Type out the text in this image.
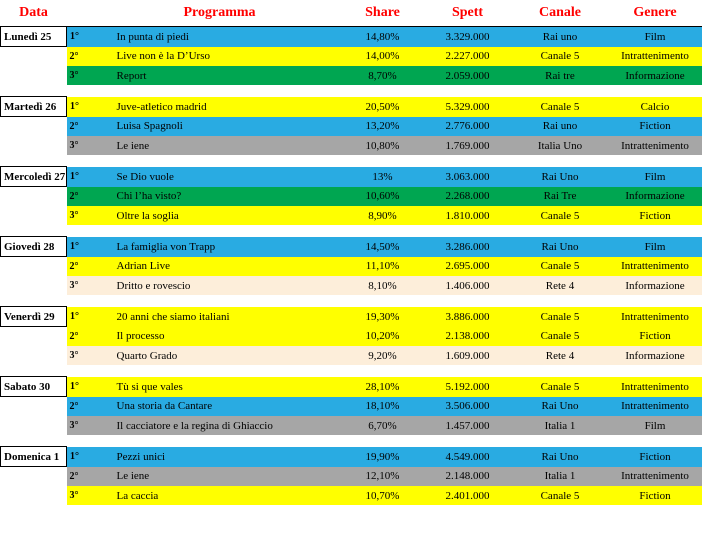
Data		Programma	Share	Spett	Canale	Genere
Lunedì 25	1°	In punta di piedi	14,80%	3.329.000	Rai uno	Film
	2°	Live non è la D’Urso	14,00%	2.227.000	Canale 5	Intrattenimento
	3°	Report	8,70%	2.059.000	Rai tre	Informazione

Martedì 26	1°	Juve-atletico madrid	20,50%	5.329.000	Canale 5	Calcio
	2°	Luisa Spagnoli	13,20%	2.776.000	Rai uno	Fiction
	3°	Le iene	10,80%	1.769.000	Italia Uno	Intrattenimento

Mercoledì 27	1°	Se Dio vuole	13%	3.063.000	Rai Uno	Film
	2°	Chi l’ha visto?	10,60%	2.268.000	Rai Tre	Informazione
	3°	Oltre la soglia	8,90%	1.810.000	Canale 5	Fiction

Giovedì 28	1°	La famiglia von Trapp	14,50%	3.286.000	Rai Uno	Film
	2°	Adrian Live	11,10%	2.695.000	Canale 5	Intrattenimento
	3°	Dritto e rovescio	8,10%	1.406.000	Rete 4	Informazione

Venerdì 29	1°	20 anni che siamo italiani	19,30%	3.886.000	Canale 5	Intrattenimento
	2°	Il processo	10,20%	2.138.000	Canale 5	Fiction
	3°	Quarto Grado	9,20%	1.609.000	Rete 4	Informazione

Sabato 30	1°	Tù si que vales	28,10%	5.192.000	Canale 5	Intrattenimento
	2°	Una storia da Cantare	18,10%	3.506.000	Rai Uno	Intrattenimento
	3°	Il cacciatore e la regina di Ghiaccio	6,70%	1.457.000	Italia 1	Film

Domenica 1	1°	Pezzi unici	19,90%	4.549.000	Rai Uno	Fiction
	2°	Le iene	12,10%	2.148.000	Italia 1	Intrattenimento
	3°	La caccia	10,70%	2.401.000	Canale 5	Fiction
